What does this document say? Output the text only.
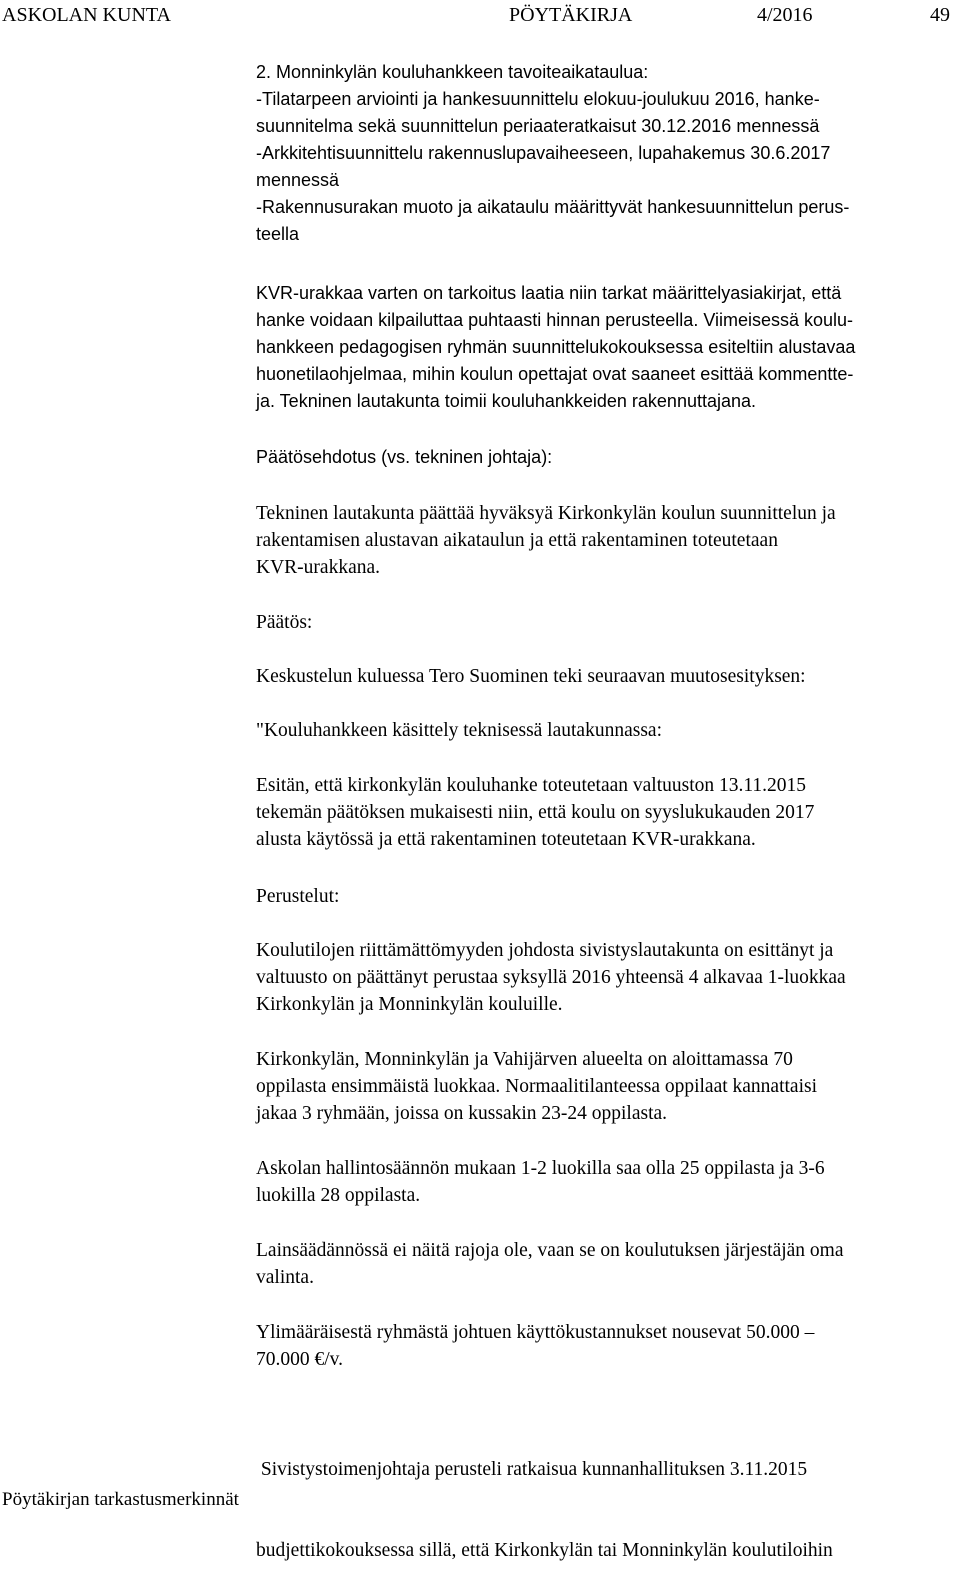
ASKOLAN KUNTA	PÖYTÄKIRJA	4/2016	49
2. Monninkylän kouluhankkeen tavoiteaikataulua:
-Tilatarpeen arviointi ja hankesuunnittelu elokuu-joulukuu 2016, hanke-
suunnitelma sekä suunnittelun periaateratkaisut 30.12.2016 mennessä
-Arkkitehtisuunnittelu rakennuslupavaiheeseen, lupahakemus 30.6.2017
mennessä
-Rakennusurakan muoto ja aikataulu määrittyvät hankesuunnittelun perus-
teella
KVR-urakkaa varten on tarkoitus laatia niin tarkat määrittelyasiakirjat, että
hanke voidaan kilpailuttaa puhtaasti hinnan perusteella. Viimeisessä koulu-
hankkeen pedagogisen ryhmän suunnittelukokouksessa esiteltiin alustavaa
huonetilaohjelmaa, mihin koulun opettajat ovat saaneet esittää kommentte-
ja. Tekninen lautakunta toimii kouluhankkeiden rakennuttajana.
Päätösehdotus (vs. tekninen johtaja):
Tekninen lautakunta päättää hyväksyä Kirkonkylän koulun suunnittelun ja
rakentamisen alustavan aikataulun ja että rakentaminen toteutetaan
KVR-urakkana.
Päätös:
Keskustelun kuluessa Tero Suominen teki seuraavan muutosesityksen:
"Kouluhankkeen käsittely teknisessä lautakunnassa:
Esitän, että kirkonkylän kouluhanke toteutetaan valtuuston 13.11.2015
tekemän päätöksen mukaisesti niin, että koulu on syyslukukauden 2017
alusta käytössä ja että rakentaminen toteutetaan KVR-urakkana.
Perustelut:
Koulutilojen riittämättömyyden johdosta sivistyslautakunta on esittänyt ja
valtuusto on päättänyt perustaa syksyllä 2016 yhteensä 4 alkavaa 1-luokkaa
Kirkonkylän ja Monninkylän kouluille.
Kirkonkylän, Monninkylän ja Vahijärven alueelta on aloittamassa 70
oppilasta ensimmäistä luokkaa. Normaalitilanteessa oppilaat kannattaisi
jakaa 3 ryhmään, joissa on kussakin 23-24 oppilasta.
Askolan hallintosäännön mukaan 1-2 luokilla saa olla 25 oppilasta ja 3-6
luokilla 28 oppilasta.
Lainsäädännössä ei näitä rajoja ole, vaan se on koulutuksen järjestäjän oma
valinta.
Ylimääräisestä ryhmästä johtuen käyttökustannukset nousevat 50.000 –
70.000 €/v.

Sivistystoimenjohtaja perusteli ratkaisua kunnanhallituksen 3.11.2015

budjettikokouksessa sillä, että Kirkonkylän tai Monninkylän koulutiloihin

Pöytäkirjan tarkastusmerkinnät
